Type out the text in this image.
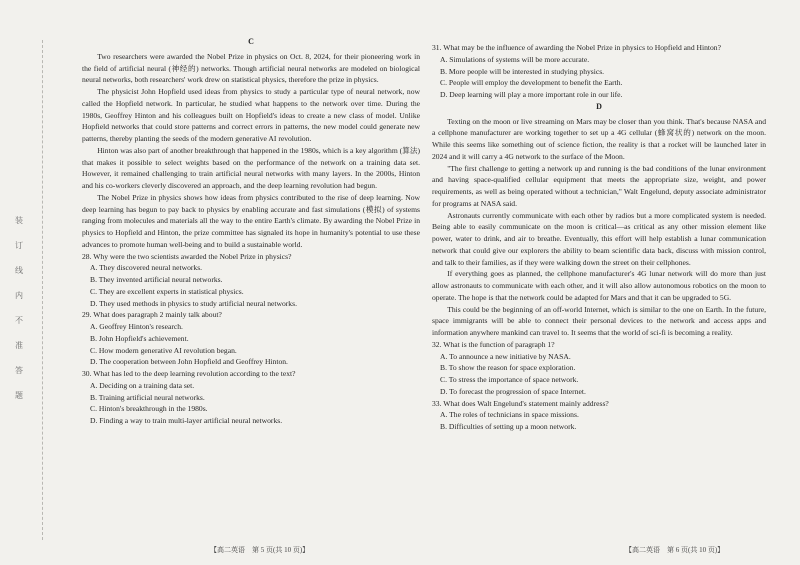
装
订
线
内
不
准
答
题
C

Two researchers were awarded the Nobel Prize in physics on Oct. 8, 2024, for their pioneering work in the field of artificial neural (神经的) networks. Though artificial neural networks are modeled on biological neural networks, both researchers' work drew on statistical physics, therefore the prize in physics.

The physicist John Hopfield used ideas from physics to study a particular type of neural network, now called the Hopfield network. In particular, he studied what happens to the network over time. During the 1980s, Geoffrey Hinton and his colleagues built on Hopfield's ideas to create a new class of model. Unlike Hopfield networks that could store patterns and correct errors in patterns, the new model could generate new patterns, thereby planting the seeds of the modern generative AI revolution.

Hinton was also part of another breakthrough that happened in the 1980s, which is a key algorithm (算法) that makes it possible to select weights based on the performance of the network on a training data set. However, it remained challenging to train artificial neural networks with many layers. In the 2000s, Hinton and his co-workers cleverly discovered an approach, and the deep learning revolution had begun.

The Nobel Prize in physics shows how ideas from physics contributed to the rise of deep learning. Now deep learning has begun to pay back to physics by enabling accurate and fast simulations (模拟) of systems ranging from molecules and materials all the way to the entire Earth's climate. By awarding the Nobel Prize in physics to Hopfield and Hinton, the prize committee has signaled its hope in humanity's potential to use these advances to promote human well-being and to build a sustainable world.

28. Why were the two scientists awarded the Nobel Prize in physics?

A. They discovered neural networks.

B. They invented artificial neural networks.

C. They are excellent experts in statistical physics.

D. They used methods in physics to study artificial neural networks.

29. What does paragraph 2 mainly talk about?

A. Geoffrey Hinton's research.

B. John Hopfield's achievement.

C. How modern generative AI revolution began.

D. The cooperation between John Hopfield and Geoffrey Hinton.

30. What has led to the deep learning revolution according to the text?

A. Deciding on a training data set.

B. Training artificial neural networks.

C. Hinton's breakthrough in the 1980s.

D. Finding a way to train multi-layer artificial neural networks.

31. What may be the influence of awarding the Nobel Prize in physics to Hopfield and Hinton?

A. Simulations of systems will be more accurate.

B. More people will be interested in studying physics.

C. People will employ the development to benefit the Earth.

D. Deep learning will play a more important role in our life.

D

Texting on the moon or live streaming on Mars may be closer than you think. That's because NASA and a cellphone manufacturer are working together to set up a 4G cellular (蜂窝状的) network on the moon. While this seems like something out of science fiction, the reality is that a rocket will be launched later in 2024 and it will carry a 4G network to the surface of the Moon.

"The first challenge to getting a network up and running is the bad conditions of the lunar environment and having space-qualified cellular equipment that meets the appropriate size, weight, and power requirements, as well as being operated without a technician," Walt Engelund, deputy associate administrator for programs at NASA said.

Astronauts currently communicate with each other by radios but a more complicated system is needed. Being able to easily communicate on the moon is critical—as critical as any other mission element like power, water to drink, and air to breathe. Eventually, this effort will help establish a lunar communication network that could give our explorers the ability to beam scientific data back, discuss with mission control, and talk to their families, as if they were walking down the street on their cellphones.

If everything goes as planned, the cellphone manufacturer's 4G lunar network will do more than just allow astronauts to communicate with each other, and it will also allow autonomous robotics on the moon to operate. The hope is that the network could be adapted for Mars and that it can be upgraded to 5G.

This could be the beginning of an off-world Internet, which is similar to the one on Earth. In the future, space immigrants will be able to connect their personal devices to the network and access apps and information anywhere mankind can travel to. It seems that the world of sci-fi is becoming a reality.

32. What is the function of paragraph 1?

A. To announce a new initiative by NASA.

B. To show the reason for space exploration.

C. To stress the importance of space network.

D. To forecast the progression of space Internet.

33. What does Walt Engelund's statement mainly address?

A. The roles of technicians in space missions.

B. Difficulties of setting up a moon network.

【高二英语　第 5 页(共 10 页)】	【高二英语　第 6 页(共 10 页)】
